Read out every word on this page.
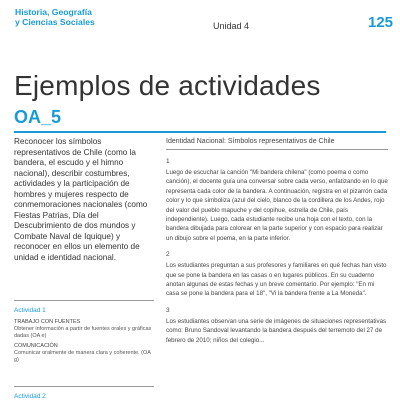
Historia, Geografía
y Ciencias Sociales	Unidad 4	125
Ejemplos de actividades
OA_5

Reconocer los símbolos representativos de Chile (como la bandera, el escudo y el himno nacional), describir costumbres, actividades y la participación de hombres y mujeres respecto de conmemoraciones nacionales (como Fiestas Patrias, Día del Descubrimiento de dos mundos y Combate Naval de Iquique) y reconocer en ellos un elemento de unidad e identidad nacional.

Actividad 1
TRABAJO CON FUENTES
Obtener información a partir de fuentes orales y gráficas dadas (OA e)
COMUNICACIÓN
Comunicar oralmente de manera clara y coherente. (OA g)
Actividad 2
Identidad Nacional: Símbolos representativos de Chile
1
Luego de escuchar la canción "Mi bandera chilena" (como poema o como canción), el docente guía una conversar sobre cada verso, enfatizando en lo que representa cada color de la bandera. A continuación, registra en el pizarrón cada color y lo que simboliza (azul del cielo, blanco de la cordillera de los Andes, rojo del valor del pueblo mapuche y del copihue, estrella de Chile, país independiente). Luego, cada estudiante recibe una hoja con el texto, con la bandera dibujada para colorear en la parte superior y con espacio para realizar un dibujo sobre el poema, en la parte inferior.
2
Los estudiantes preguntan a sus profesores y familiares en qué fechas han visto que se pone la bandera en las casas o en lugares públicos. En su cuaderno anotan algunas de estas fechas y un breve comentario. Por ejemplo: "En mi casa se pone la bandera para el 18", "Vi la bandera frente a La Moneda".
3
Los estudiantes observan una serie de imágenes de situaciones representativas como: Bruno Sandoval levantando la bandera después del terremoto del 27 de febrero de 2010; niños del colegio...
